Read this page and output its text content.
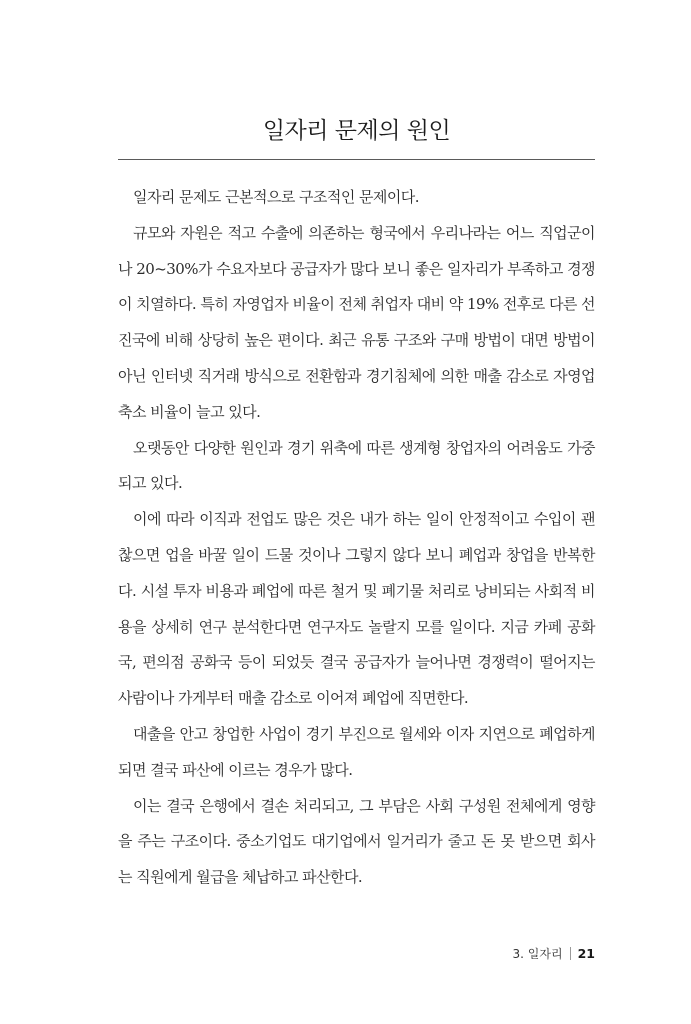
일자리 문제의 원인

일자리 문제도 근본적으로 구조적인 문제이다.

규모와 자원은 적고 수출에 의존하는 형국에서 우리나라는 어느 직업군이나 20~30%가 수요자보다 공급자가 많다 보니 좋은 일자리가 부족하고 경쟁이 치열하다. 특히 자영업자 비율이 전체 취업자 대비 약 19% 전후로 다른 선진국에 비해 상당히 높은 편이다. 최근 유통 구조와 구매 방법이 대면 방법이 아닌 인터넷 직거래 방식으로 전환함과 경기침체에 의한 매출 감소로 자영업 축소 비율이 늘고 있다.

오랫동안 다양한 원인과 경기 위축에 따른 생계형 창업자의 어려움도 가중되고 있다.

이에 따라 이직과 전업도 많은 것은 내가 하는 일이 안정적이고 수입이 괜찮으면 업을 바꿀 일이 드물 것이나 그렇지 않다 보니 폐업과 창업을 반복한다. 시설 투자 비용과 폐업에 따른 철거 및 폐기물 처리로 낭비되는 사회적 비용을 상세히 연구 분석한다면 연구자도 놀랄지 모를 일이다. 지금 카페 공화국, 편의점 공화국 등이 되었듯 결국 공급자가 늘어나면 경쟁력이 떨어지는 사람이나 가게부터 매출 감소로 이어져 폐업에 직면한다.

대출을 안고 창업한 사업이 경기 부진으로 월세와 이자 지연으로 폐업하게 되면 결국 파산에 이르는 경우가 많다.

이는 결국 은행에서 결손 처리되고, 그 부담은 사회 구성원 전체에게 영향을 주는 구조이다. 중소기업도 대기업에서 일거리가 줄고 돈 못 받으면 회사는 직원에게 월급을 체납하고 파산한다.

3. 일자리 21
